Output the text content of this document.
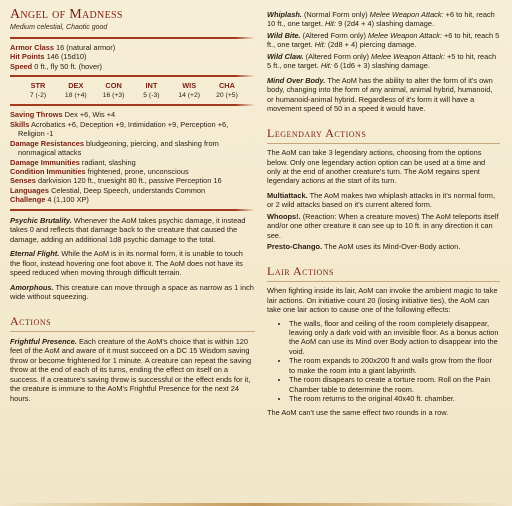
Angel of Madness
Medium celestial, Chaotic good
Armor Class 16 (natural armor)
Hit Points 146 (15d10)
Speed 0 ft., fly 50 ft. (hover)
STR
7 (-2)
DEX
18 (+4)
CON
16 (+3)
INT
5 (-3)
WIS
14 (+2)
CHA
20 (+5)
Saving Throws Dex +6, Wis +4
Skills Acrobatics +6, Deception +9, Intimidation +9, Perception +6, Religion -1
Damage Resistances bludgeoning, piercing, and slashing from nonmagical attacks
Damage Immunities radiant, slashing
Condition Immunities frightened, prone, unconscious
Senses darkvision 120 ft., truesight 80 ft., passive Perception 16
Languages Celestial, Deep Speech, understands Common
Challenge 4 (1,100 XP)
Psychic Brutality. Whenever the AoM takes psychic damage, it instead takes 0 and reflects that damage back to the creature that caused the damage, adding an additional 1d8 psychic damage to the total.
Eternal Flight. While the AoM is in its normal form, it is unable to touch the floor, instead hovering one foot above it. The AoM does not have its speed reduced when moving through difficult terrain.
Amorphous. This creature can move through a space as narrow as 1 inch wide without squeezing.
Actions
Frightful Presence. Each creature of the AoM's choice that is within 120 feet of the AoM and aware of it must succeed on a DC 15 Wisdom saving throw or become frightened for 1 minute. A creature can repeat the saving throw at the end of each of its turns, ending the effect on itself on a success. If a creature's saving throw is successful or the effect ends for it, the creature is immune to the AoM's Frightful Presence for the next 24 hours.
Whiplash. (Normal Form only) Melee Weapon Attack: +6 to hit, reach 10 ft., one target. Hit: 9 (2d4 + 4) slashing damage.
Wild Bite. (Altered Form only) Melee Weapon Attack: +6 to hit, reach 5 ft., one target. Hit: (2d8 + 4) piercing damage.
Wild Claw. (Altered Form only) Melee Weapon Attack: +5 to hit, reach 5 ft., one target. Hit: 6 (1d6 + 3) slashing damage.
Mind Over Body. The AoM has the ability to alter the form of it's own body, changing into the form of any animal, animal hybrid, humanoid, or humanoid-animal hybrid. Regardless of it's form it will have a movement speed of 50 in a speed it would have.
Legendary Actions
The AoM can take 3 legendary actions, choosing from the options below. Only one legendary action option can be used at a time and only at the end of another creature's turn. The AoM regains spent legendary actions at the start of its turn.
Multiattack. The AoM makes two whiplash attacks in it's normal form, or 2 wild attacks based on it's current altered form.
Whoops!. (Reaction: When a creature moves) The AoM teleports itself and/or one other creature it can see up to 10 ft. in any direction it can see.
Presto-Chango. The AoM uses its Mind-Over-Body action.
Lair Actions
When fighting inside its lair, AoM can invoke the ambient magic to take lair actions. On initiative count 20 (losing initiative ties), the AoM can take one lair action to cause one of the following effects:
• The walls, floor and ceiling of the room completely disappear, leaving only a dark void with an invisible floor. As a bonus action the AoM can use its Mind over Body action to disappear into the void.
• The room expands to 200x200 ft and walls grow from the floor to make the room into a giant labyrinth.
• The room disapears to create a torture room. Roll on the Pain Chamber table to determine the room.
• The room returns to the original 40x40 ft. chamber.
The AoM can't use the same effect two rounds in a row.
